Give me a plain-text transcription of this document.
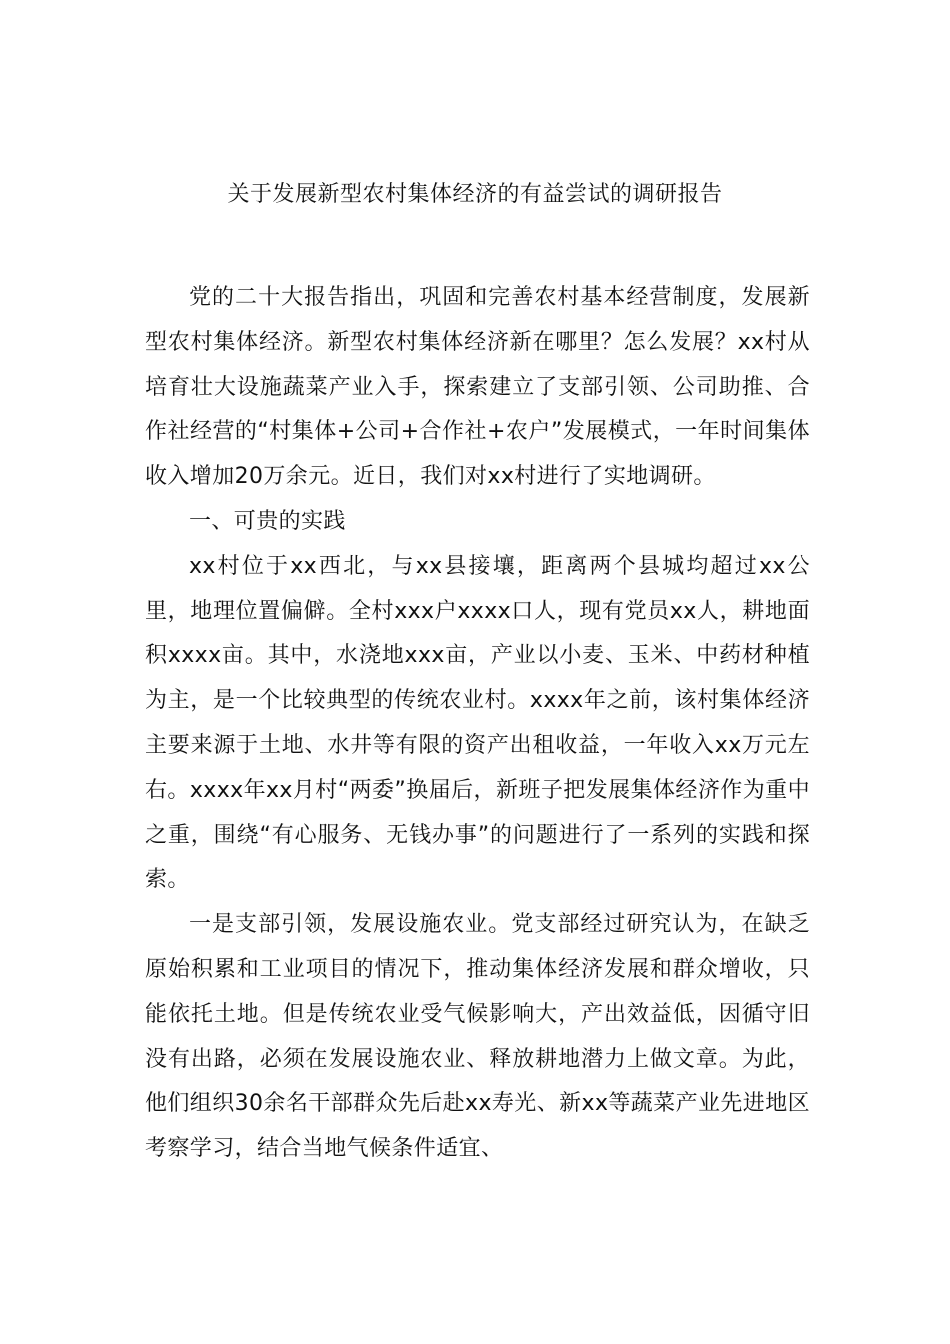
关于发展新型农村集体经济的有益尝试的调研报告

党的二十大报告指出，巩固和完善农村基本经营制度，发展新型农村集体经济。新型农村集体经济新在哪里？怎么发展？xx村从培育壮大设施蔬菜产业入手，探索建立了支部引领、公司助推、合作社经营的“村集体+公司+合作社+农户”发展模式，一年时间集体收入增加20万余元。近日，我们对xx村进行了实地调研。

一、可贵的实践

xx村位于xx西北，与xx县接壤，距离两个县城均超过xx公里，地理位置偏僻。全村xxx户xxxx口人，现有党员xx人，耕地面积xxxx亩。其中，水浇地xxx亩，产业以小麦、玉米、中药材种植为主，是一个比较典型的传统农业村。xxxx年之前，该村集体经济主要来源于土地、水井等有限的资产出租收益，一年收入xx万元左右。xxxx年xx月村“两委”换届后，新班子把发展集体经济作为重中之重，围绕“有心服务、无钱办事”的问题进行了一系列的实践和探索。

一是支部引领，发展设施农业。党支部经过研究认为，在缺乏原始积累和工业项目的情况下，推动集体经济发展和群众增收，只能依托土地。但是传统农业受气候影响大，产出效益低，因循守旧没有出路，必须在发展设施农业、释放耕地潜力上做文章。为此，他们组织30余名干部群众先后赴xx寿光、新xx等蔬菜产业先进地区考察学习，结合当地气候条件适宜、
